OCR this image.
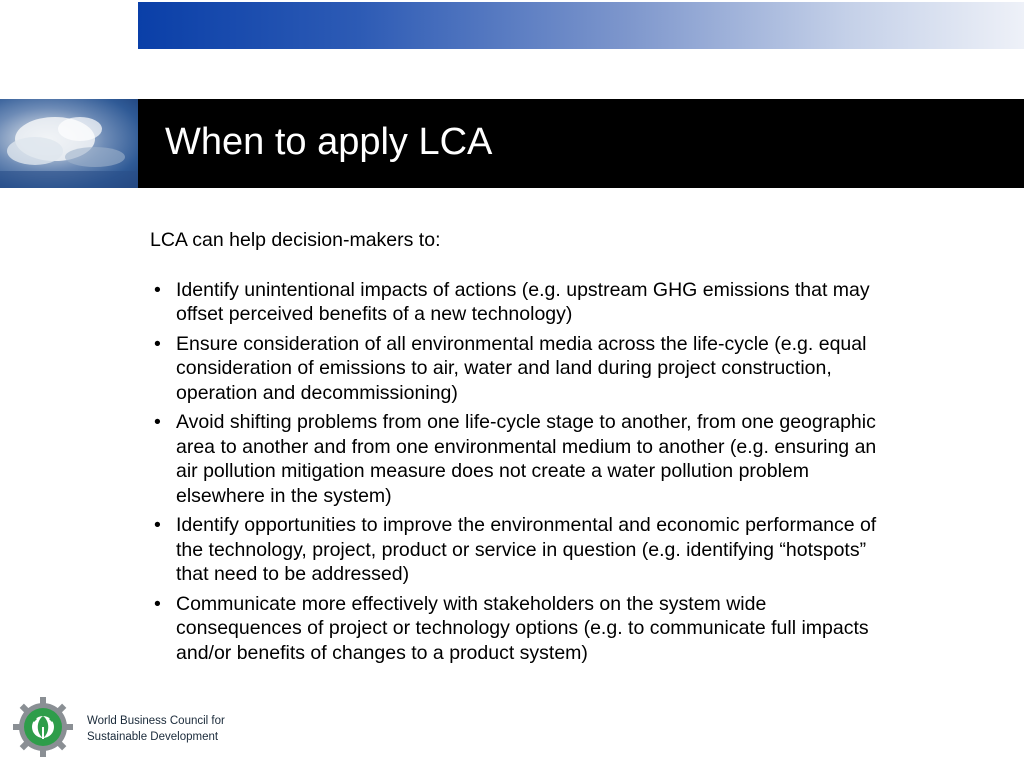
When to apply LCA

LCA can help decision-makers to:

• Identify unintentional impacts of actions (e.g. upstream GHG emissions that may offset perceived benefits of a new technology)
• Ensure consideration of all environmental media across the life-cycle (e.g. equal consideration of emissions to air, water and land during project construction, operation and decommissioning)
• Avoid shifting problems from one life-cycle stage to another, from one geographic area to another and from one environmental medium to another (e.g. ensuring an air pollution mitigation measure does not create a water pollution problem elsewhere in the system)
• Identify opportunities to improve the environmental and economic performance of the technology, project, product or service in question (e.g. identifying “hotspots” that need to be addressed)
• Communicate more effectively with stakeholders on the system wide consequences of project or technology options (e.g. to communicate full impacts and/or benefits of changes to a product system)

World Business Council for
Sustainable Development
